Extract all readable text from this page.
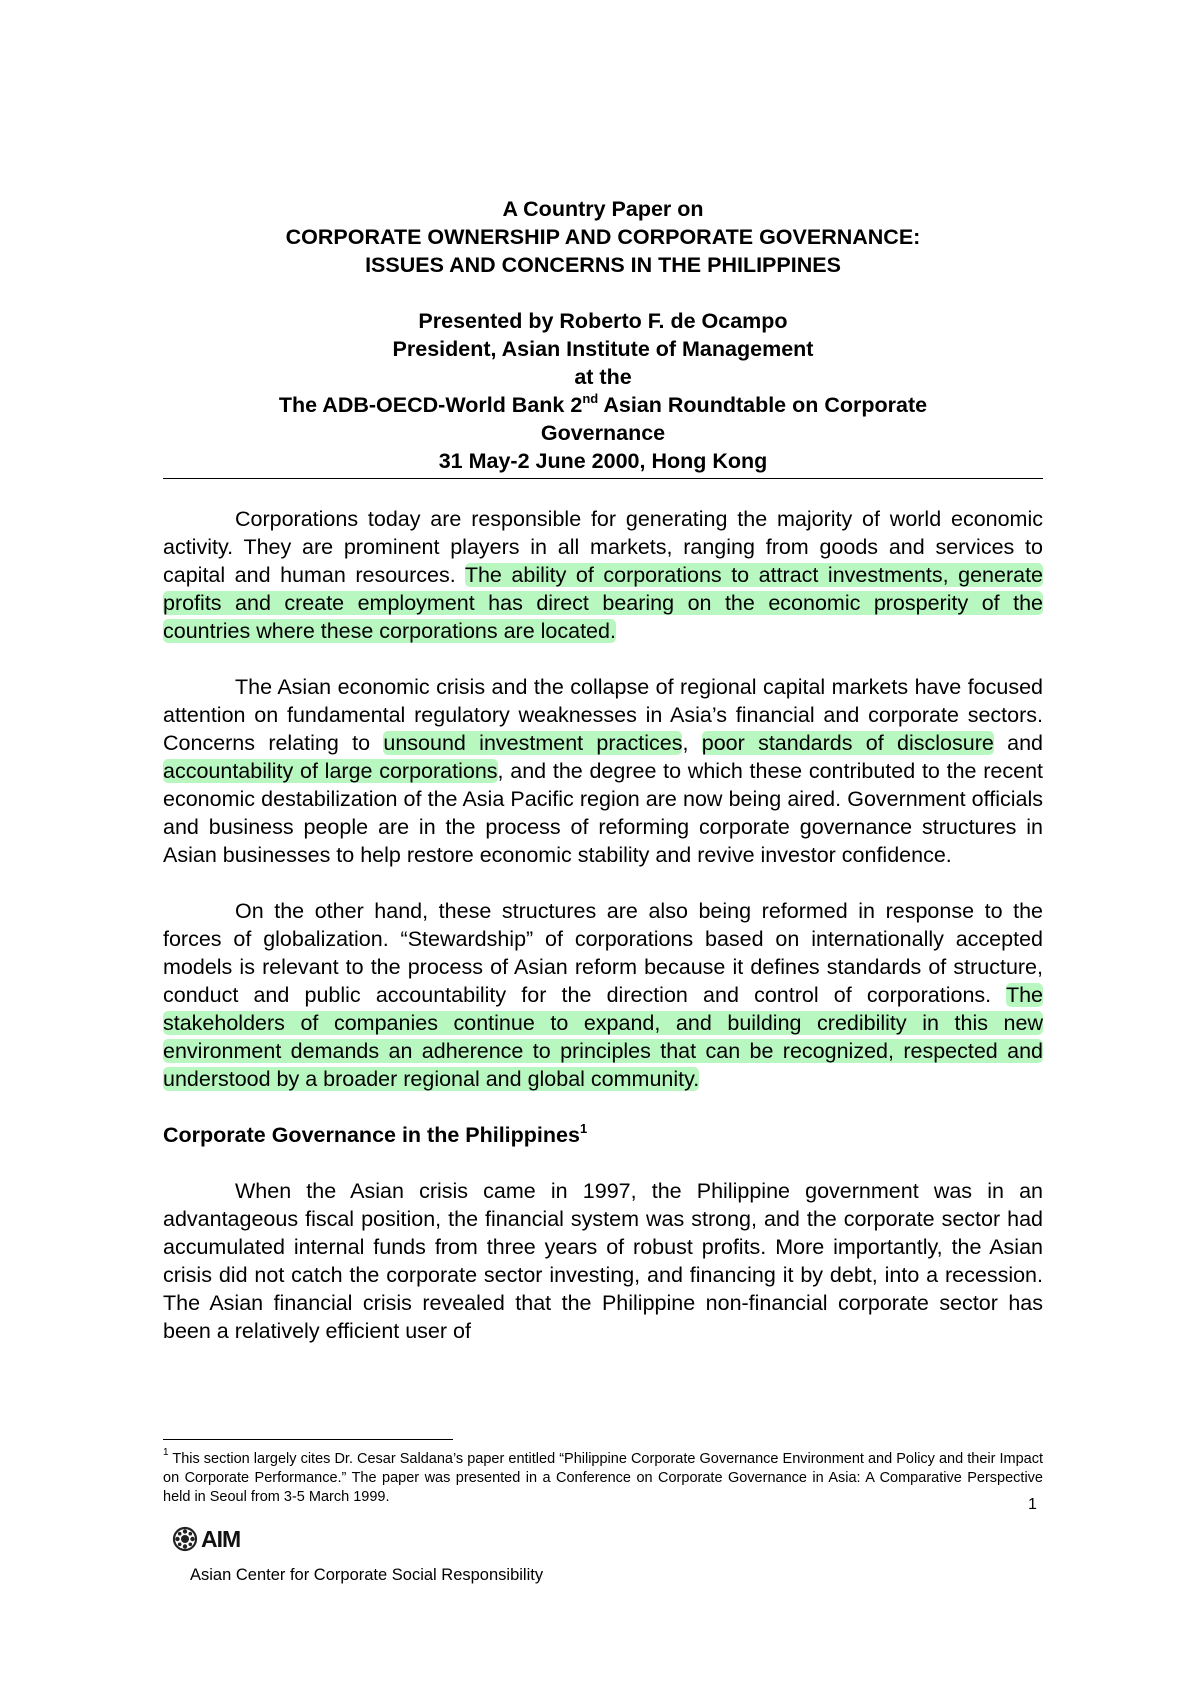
A Country Paper on
CORPORATE OWNERSHIP AND CORPORATE GOVERNANCE:
ISSUES AND CONCERNS IN THE PHILIPPINES
Presented by Roberto F. de Ocampo
President, Asian Institute of Management
at the
The ADB-OECD-World Bank 2nd Asian Roundtable on Corporate
Governance
31 May-2 June 2000, Hong Kong

Corporations today are responsible for generating the majority of world economic activity. They are prominent players in all markets, ranging from goods and services to capital and human resources. The ability of corporations to attract investments, generate profits and create employment has direct bearing on the economic prosperity of the countries where these corporations are located.

The Asian economic crisis and the collapse of regional capital markets have focused attention on fundamental regulatory weaknesses in Asia’s financial and corporate sectors. Concerns relating to unsound investment practices, poor standards of disclosure and accountability of large corporations, and the degree to which these contributed to the recent economic destabilization of the Asia Pacific region are now being aired. Government officials and business people are in the process of reforming corporate governance structures in Asian businesses to help restore economic stability and revive investor confidence.

On the other hand, these structures are also being reformed in response to the forces of globalization. “Stewardship” of corporations based on internationally accepted models is relevant to the process of Asian reform because it defines standards of structure, conduct and public accountability for the direction and control of corporations. The stakeholders of companies continue to expand, and building credibility in this new environment demands an adherence to principles that can be recognized, respected and understood by a broader regional and global community.

Corporate Governance in the Philippines$^1$

When the Asian crisis came in 1997, the Philippine government was in an advantageous fiscal position, the financial system was strong, and the corporate sector had accumulated internal funds from three years of robust profits. More importantly, the Asian crisis did not catch the corporate sector investing, and financing it by debt, into a recession. The Asian financial crisis revealed that the Philippine non-financial corporate sector has been a relatively efficient user of

$^1$ This section largely cites Dr. Cesar Saldana’s paper entitled “Philippine Corporate Governance Environment and Policy and their Impact on Corporate Performance.” The paper was presented in a Conference on Corporate Governance in Asia: A Comparative Perspective held in Seoul from 3-5 March 1999.	1
AIM
Asian Center for Corporate Social Responsibility
